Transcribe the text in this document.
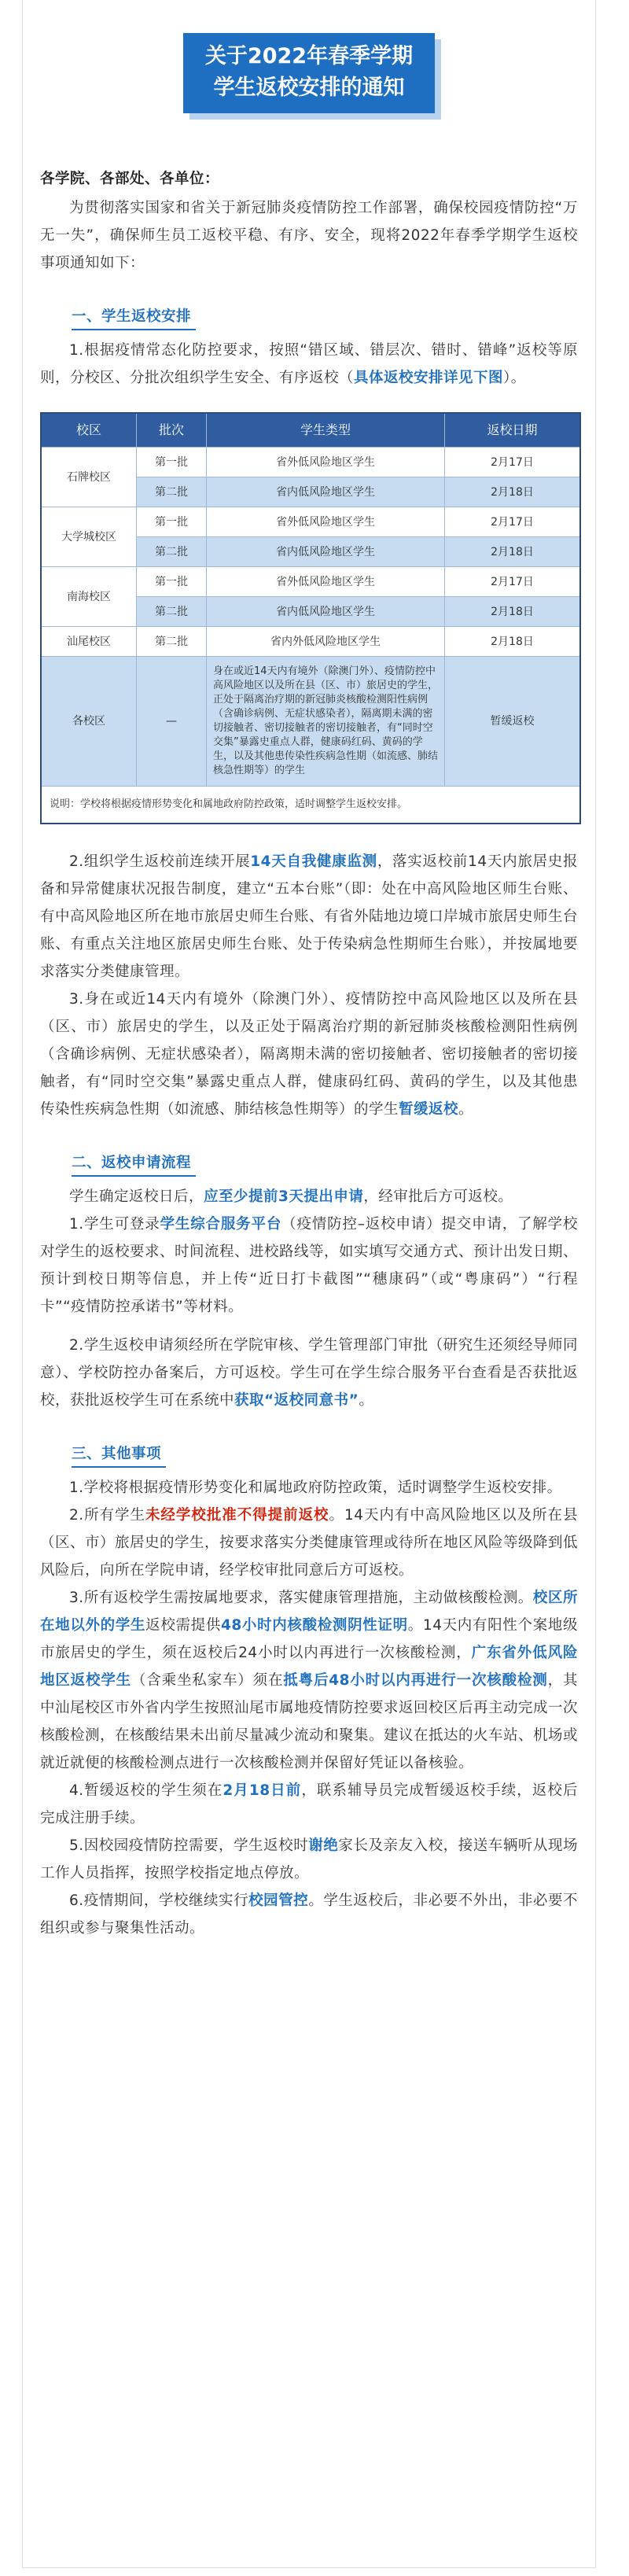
关于2022年春季学期
学生返校安排的通知
各学院、各部处、各单位：

为贯彻落实国家和省关于新冠肺炎疫情防控工作部署，确保校园疫情防控“万无一失”，确保师生员工返校平稳、有序、安全，现将2022年春季学期学生返校事项通知如下：

一、学生返校安排

1.根据疫情常态化防控要求，按照“错区域、错层次、错时、错峰”返校等原则，分校区、分批次组织学生安全、有序返校（具体返校安排详见下图）。

校区	批次	学生类型	返校日期
石牌校区	第一批	省外低风险地区学生	2月17日
	第二批	省内低风险地区学生	2月18日
大学城校区	第一批	省外低风险地区学生	2月17日
	第二批	省内低风险地区学生	2月18日
南海校区	第一批	省外低风险地区学生	2月17日
	第二批	省内低风险地区学生	2月18日
汕尾校区	第二批	省内外低风险地区学生	2月18日
各校区	—	身在或近14天内有境外（除澳门外）、疫情防控中高风险地区以及所在县（区、市）旅居史的学生，正处于隔离治疗期的新冠肺炎核酸检测阳性病例（含确诊病例、无症状感染者），隔离期未满的密切接触者、密切接触者的密切接触者，有“同时空交集”暴露史重点人群，健康码红码、黄码的学生，以及其他患传染性疾病急性期（如流感、肺结核急性期等）的学生	暂缓返校
说明：学校将根据疫情形势变化和属地政府防控政策，适时调整学生返校安排。			

2.组织学生返校前连续开展14天自我健康监测，落实返校前14天内旅居史报备和异常健康状况报告制度，建立“五本台账”（即：处在中高风险地区师生台账、有中高风险地区所在地市旅居史师生台账、有省外陆地边境口岸城市旅居史师生台账、有重点关注地区旅居史师生台账、处于传染病急性期师生台账），并按属地要求落实分类健康管理。

3.身在或近14天内有境外（除澳门外）、疫情防控中高风险地区以及所在县（区、市）旅居史的学生，以及正处于隔离治疗期的新冠肺炎核酸检测阳性病例（含确诊病例、无症状感染者），隔离期未满的密切接触者、密切接触者的密切接触者，有“同时空交集”暴露史重点人群，健康码红码、黄码的学生，以及其他患传染性疾病急性期（如流感、肺结核急性期等）的学生暂缓返校。

二、返校申请流程

学生确定返校日后，应至少提前3天提出申请，经审批后方可返校。

1.学生可登录学生综合服务平台（疫情防控–返校申请）提交申请，了解学校对学生的返校要求、时间流程、进校路线等，如实填写交通方式、预计出发日期、预计到校日期等信息，并上传“近日打卡截图”“穗康码”（或“粤康码”）“行程卡”“疫情防控承诺书”等材料。

2.学生返校申请须经所在学院审核、学生管理部门审批（研究生还须经导师同意）、学校防控办备案后，方可返校。学生可在学生综合服务平台查看是否获批返校，获批返校学生可在系统中获取“返校同意书”。

三、其他事项

1.学校将根据疫情形势变化和属地政府防控政策，适时调整学生返校安排。

2.所有学生未经学校批准不得提前返校。14天内有中高风险地区以及所在县（区、市）旅居史的学生，按要求落实分类健康管理或待所在地区风险等级降到低风险后，向所在学院申请，经学校审批同意后方可返校。

3.所有返校学生需按属地要求，落实健康管理措施，主动做核酸检测。校区所在地以外的学生返校需提供48小时内核酸检测阴性证明。14天内有阳性个案地级市旅居史的学生，须在返校后24小时以内再进行一次核酸检测，广东省外低风险地区返校学生（含乘坐私家车）须在抵粤后48小时以内再进行一次核酸检测，其中汕尾校区市外省内学生按照汕尾市属地疫情防控要求返回校区后再主动完成一次核酸检测，在核酸结果未出前尽量减少流动和聚集。建议在抵达的火车站、机场或就近就便的核酸检测点进行一次核酸检测并保留好凭证以备核验。

4.暂缓返校的学生须在2月18日前，联系辅导员完成暂缓返校手续，返校后完成注册手续。

5.因校园疫情防控需要，学生返校时谢绝家长及亲友入校，接送车辆听从现场工作人员指挥，按照学校指定地点停放。

6.疫情期间，学校继续实行校园管控。学生返校后，非必要不外出，非必要不组织或参与聚集性活动。
